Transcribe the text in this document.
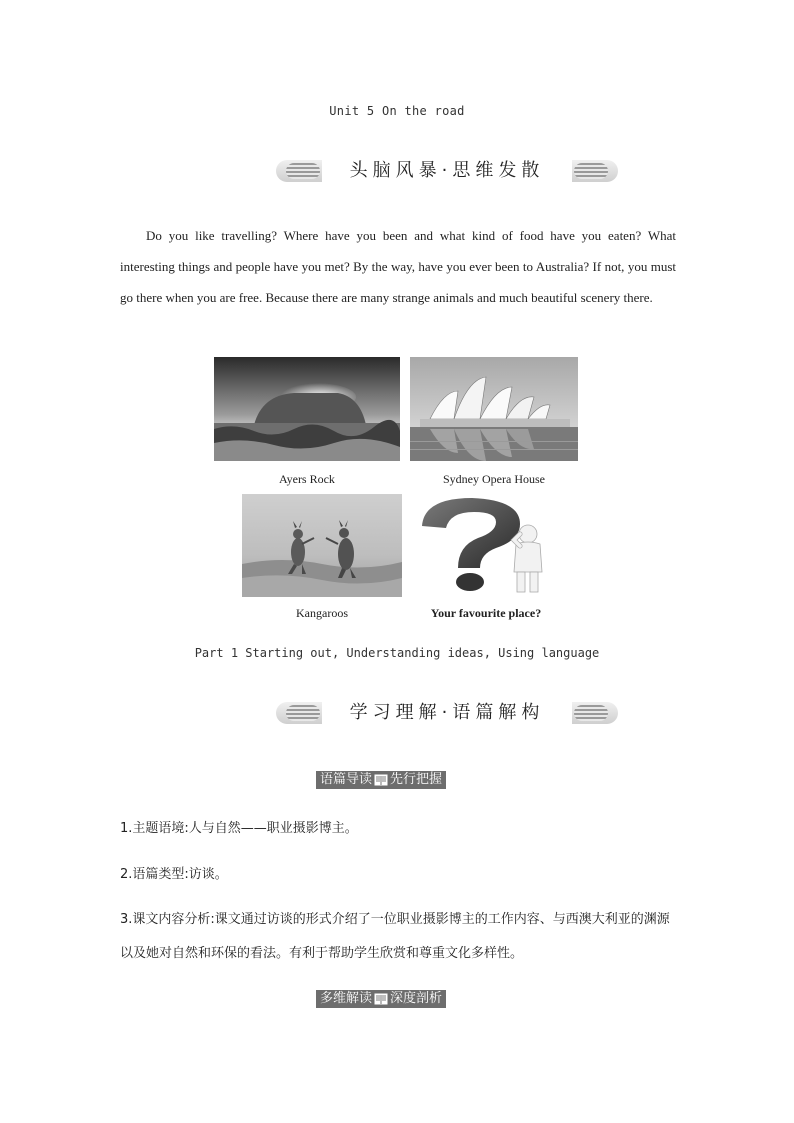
Unit 5 On the road
头脑风暴·思维发散

Do you like travelling? Where have you been and what kind of food have you eaten? What interesting things and people have you met? By the way, have you ever been to Australia? If not, you must go there when you are free. Because there are many strange animals and much beautiful scenery there.

Ayers Rock	Sydney Opera House
Kangaroos	Your favourite place?
Part 1 Starting out, Understanding ideas, Using language
学习理解·语篇解构
语篇导读 先行把握
1.主题语境:人与自然——职业摄影博主。
2.语篇类型:访谈。
3.课文内容分析:课文通过访谈的形式介绍了一位职业摄影博主的工作内容、与西澳大利亚的渊源以及她对自然和环保的看法。有利于帮助学生欣赏和尊重文化多样性。
多维解读 深度剖析
